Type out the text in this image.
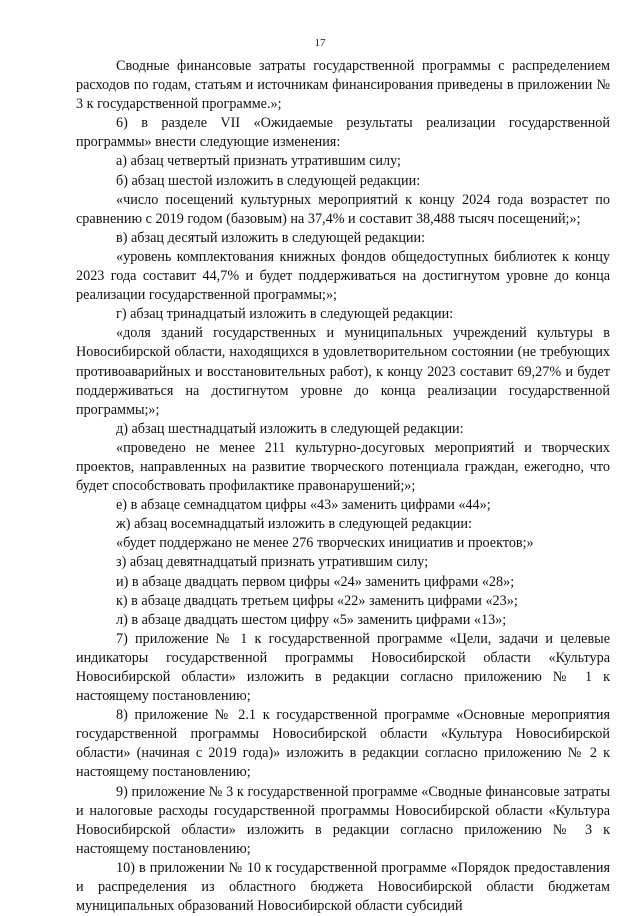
17

Сводные финансовые затраты государственной программы с распределением расходов по годам, статьям и источникам финансирования приведены в приложении № 3 к государственной программе.»;

6) в разделе VII «Ожидаемые результаты реализации государственной программы» внести следующие изменения:

а) абзац четвертый признать утратившим силу;

б) абзац шестой изложить в следующей редакции:

«число посещений культурных мероприятий к концу 2024 года возрастет по сравнению с 2019 годом (базовым) на 37,4% и составит 38,488 тысяч посещений;»;

в) абзац десятый изложить в следующей редакции:

«уровень комплектования книжных фондов общедоступных библиотек к концу 2023 года составит 44,7% и будет поддерживаться на достигнутом уровне до конца реализации государственной программы;»;

г) абзац тринадцатый изложить в следующей редакции:

«доля зданий государственных и муниципальных учреждений культуры в Новосибирской области, находящихся в удовлетворительном состоянии (не требующих противоаварийных и восстановительных работ), к концу 2023 составит 69,27% и будет поддерживаться на достигнутом уровне до конца реализации государственной программы;»;

д) абзац шестнадцатый изложить в следующей редакции:

«проведено не менее 211 культурно-досуговых мероприятий и творческих проектов, направленных на развитие творческого потенциала граждан, ежегодно, что будет способствовать профилактике правонарушений;»;

е) в абзаце семнадцатом цифры «43» заменить цифрами «44»;

ж) абзац восемнадцатый изложить в следующей редакции:

«будет поддержано не менее 276 творческих инициатив и проектов;»

з) абзац девятнадцатый признать утратившим силу;

и) в абзаце двадцать первом цифры «24» заменить цифрами «28»;

к) в абзаце двадцать третьем цифры «22» заменить цифрами «23»;

л) в абзаце двадцать шестом цифру «5» заменить цифрами «13»;

7) приложение № 1 к государственной программе «Цели, задачи и целевые индикаторы государственной программы Новосибирской области «Культура Новосибирской области» изложить в редакции согласно приложению № 1 к настоящему постановлению;

8) приложение № 2.1 к государственной программе «Основные мероприятия государственной программы Новосибирской области «Культура Новосибирской области» (начиная с 2019 года)» изложить в редакции согласно приложению № 2 к настоящему постановлению;

9) приложение № 3 к государственной программе «Сводные финансовые затраты и налоговые расходы государственной программы Новосибирской области «Культура Новосибирской области» изложить в редакции согласно приложению № 3 к настоящему постановлению;

10) в приложении № 10 к государственной программе «Порядок предоставления и распределения из областного бюджета Новосибирской области бюджетам муниципальных образований Новосибирской области субсидий
